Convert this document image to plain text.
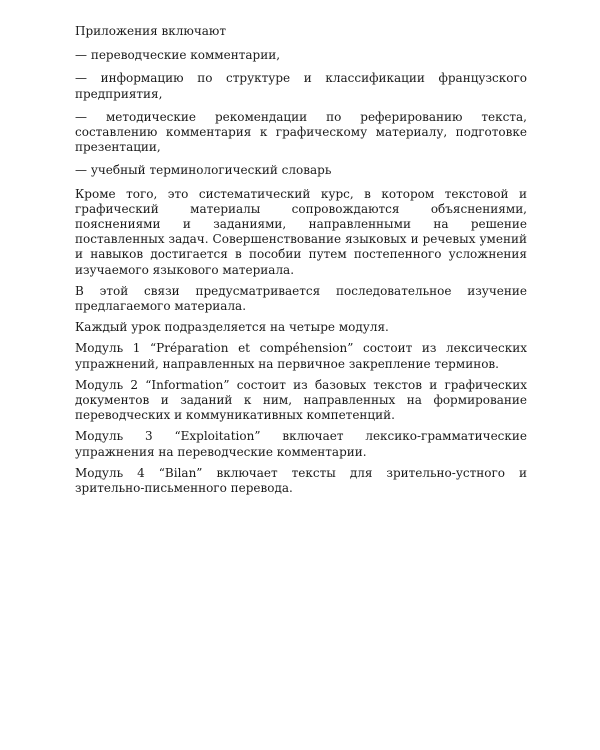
Приложения включают

— переводческие комментарии,

— информацию по структуре и классификации французского предприятия,

— методические рекомендации по реферированию текста, составлению комментария к графическому материалу, подготовке презентации,

— учебный терминологический словарь

Кроме того, это систематический курс, в котором текстовой и графический материалы сопровождаются объяснениями, пояснениями и заданиями, направленными на решение поставленных задач. Совершенствование языковых и речевых умений и навыков достигается в пособии путем постепенного усложнения изучаемого языкового материала.

В этой связи предусматривается последовательное изучение предлагаемого материала.

Каждый урок подразделяется на четыре модуля.

Модуль 1 “Préparation et compéhension” состоит из лексических упражнений, направленных на первичное закрепление терминов.

Модуль 2 “Information” состоит из базовых текстов и графических документов и заданий к ним, направленных на формирование переводческих и коммуникативных компетенций.

Модуль 3 “Exploitation” включает лексико-грамматические упражнения на переводческие комментарии.

Модуль 4 “Bilan” включает тексты для зрительно-устного и зрительно-письменного перевода.
